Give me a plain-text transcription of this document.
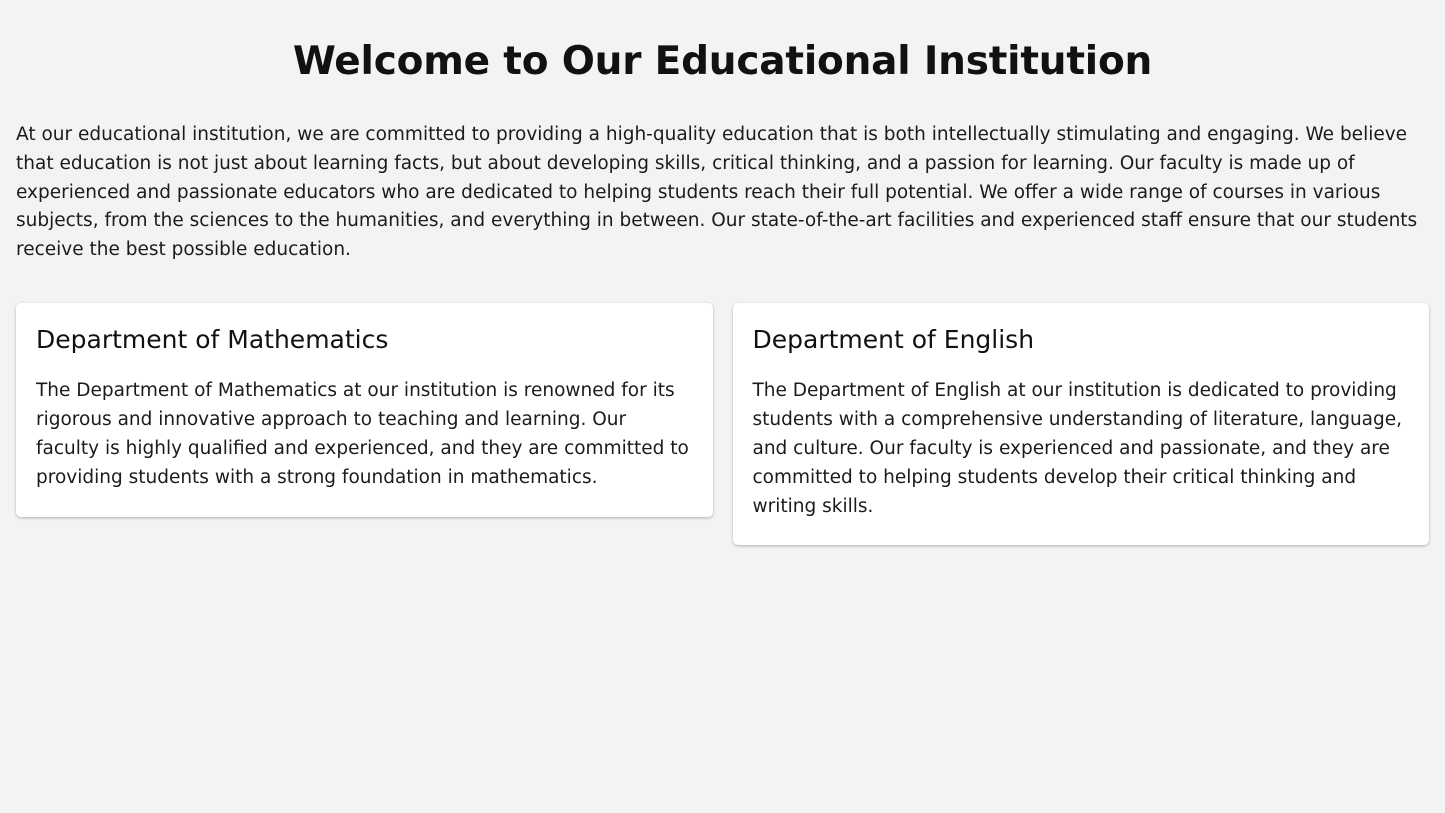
Welcome to Our Educational Institution

At our educational institution, we are committed to providing a high-quality education that is both intellectually stimulating and engaging. We believe that education is not just about learning facts, but about developing skills, critical thinking, and a passion for learning. Our faculty is made up of experienced and passionate educators who are dedicated to helping students reach their full potential. We offer a wide range of courses in various subjects, from the sciences to the humanities, and everything in between. Our state-of-the-art facilities and experienced staff ensure that our students receive the best possible education.

Department of Mathematics

The Department of Mathematics at our institution is renowned for its rigorous and innovative approach to teaching and learning. Our faculty is highly qualified and experienced, and they are committed to providing students with a strong foundation in mathematics.

Department of English

The Department of English at our institution is dedicated to providing students with a comprehensive understanding of literature, language, and culture. Our faculty is experienced and passionate, and they are committed to helping students develop their critical thinking and writing skills.
